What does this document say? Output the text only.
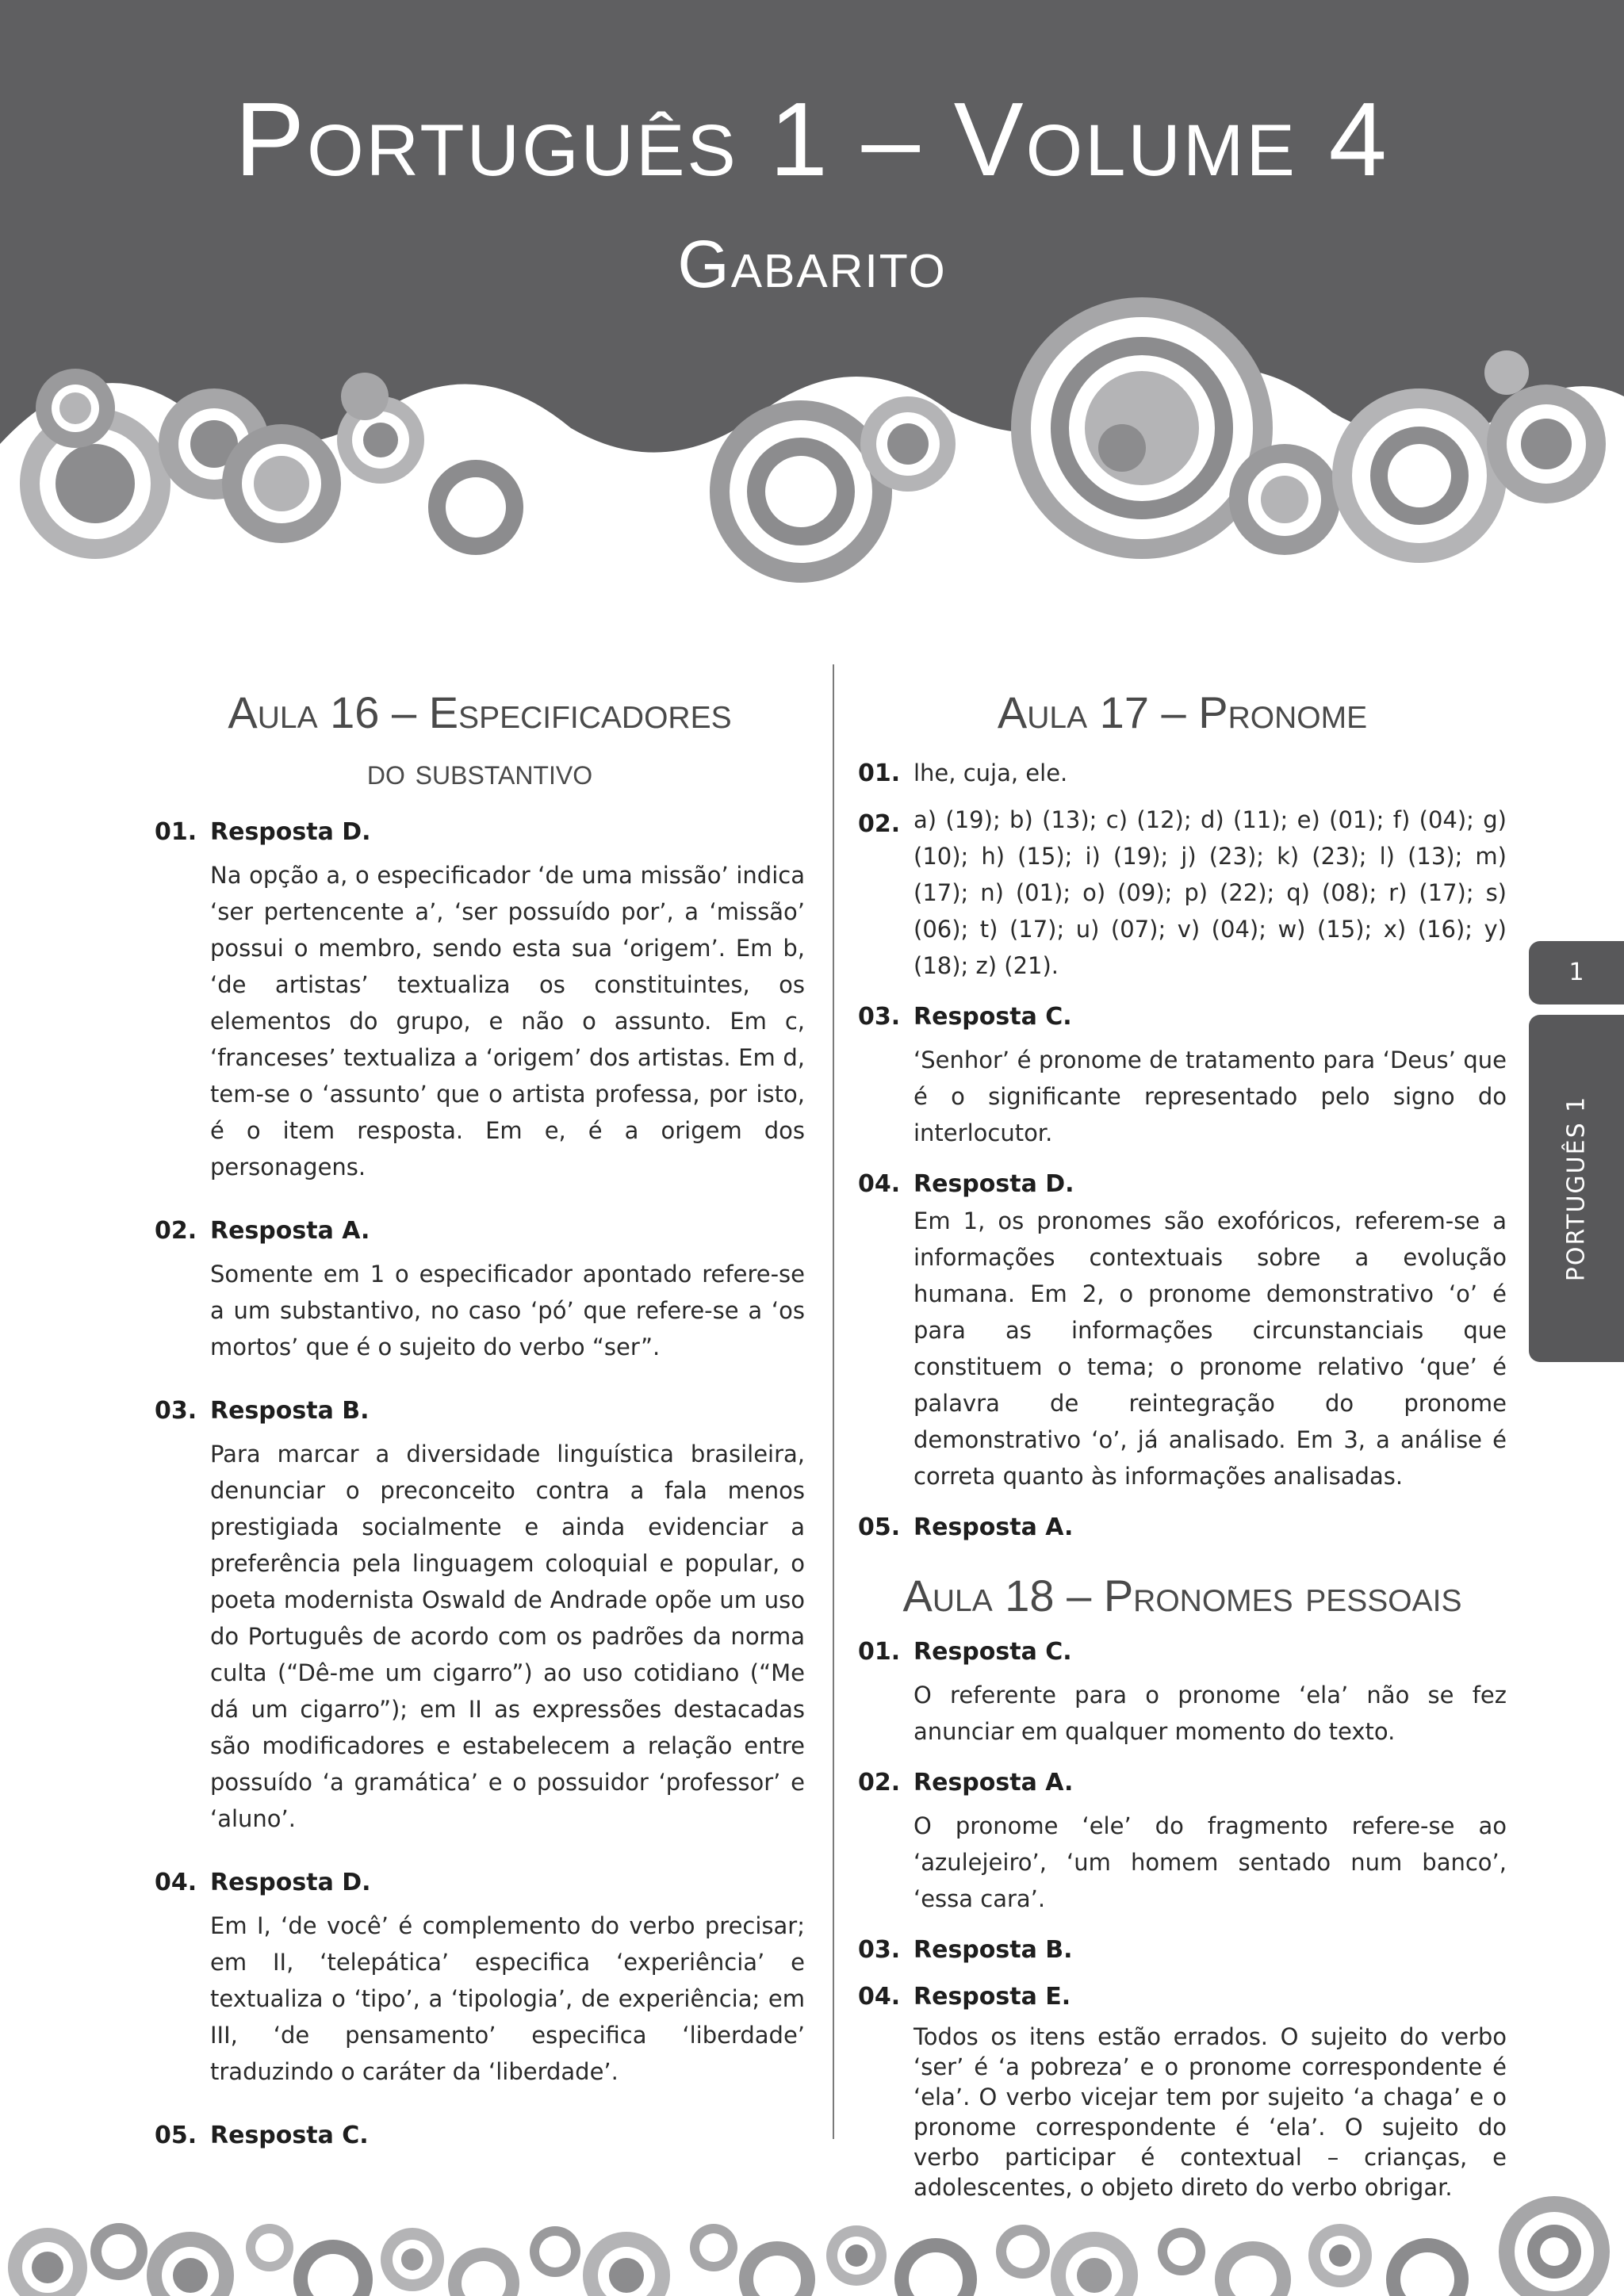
Português 1 – Volume 4
Gabarito
1
PORTUGUÊS 1
Aula 16 – Especificadores
do substantivo
01. Resposta D.

Na opção a, o especificador ‘de uma missão’ indica ‘ser pertencente a’, ‘ser possuído por’, a ‘missão’ possui o membro, sendo esta sua ‘origem’. Em b, ‘de artistas’ textualiza os constituintes, os elementos do grupo, e não o assunto. Em c, ‘franceses’ textualiza a ‘origem’ dos artistas. Em d, tem-se o ‘assunto’ que o artista professa, por isto, é o item resposta. Em e, é a origem dos personagens.

02. Resposta A.

Somente em 1 o especificador apontado refere-se a um substantivo, no caso ‘pó’ que refere-se a ‘os mortos’ que é o sujeito do verbo “ser”.

03. Resposta B.

Para marcar a diversidade linguística brasileira, denunciar o preconceito contra a fala menos prestigiada socialmente e ainda evidenciar a preferência pela linguagem coloquial e popular, o poeta modernista Oswald de Andrade opõe um uso do Português de acordo com os padrões da norma culta (“Dê-me um cigarro”) ao uso cotidiano (“Me dá um cigarro”); em II as expressões destacadas são modificadores e estabelecem a relação entre possuído ‘a gramática’ e o possuidor ‘professor’ e ‘aluno’.

04. Resposta D.

Em I, ‘de você’ é complemento do verbo precisar; em II, ‘telepática’ especifica ‘experiência’ e textualiza o ‘tipo’, a ‘tipologia’, de experiência; em III, ‘de pensamento’ especifica ‘liberdade’ traduzindo o caráter da ‘liberdade’.

05. Resposta C.
Aula 17 – Pronome
01. lhe, cuja, ele.
02. a) (19); b) (13); c) (12); d) (11); e) (01); f) (04); g) (10); h) (15); i) (19); j) (23); k) (23); l) (13); m) (17); n) (01); o) (09); p) (22); q) (08); r) (17); s) (06); t) (17); u) (07); v) (04); w) (15); x) (16); y) (18); z) (21).
03. Resposta C.

‘Senhor’ é pronome de tratamento para ‘Deus’ que é o significante representado pelo signo do interlocutor.

04. Resposta D.

Em 1, os pronomes são exofóricos, referem-se a informações contextuais sobre a evolução humana. Em 2, o pronome demonstrativo ‘o’ é para as informações circunstanciais que constituem o tema; o pronome relativo ‘que’ é palavra de reintegração do pronome demonstrativo ‘o’, já analisado. Em 3, a análise é correta quanto às informações analisadas.

05. Resposta A.
Aula 18 – Pronomes pessoais
01. Resposta C.

O referente para o pronome ‘ela’ não se fez anunciar em qualquer momento do texto.

02. Resposta A.

O pronome ‘ele’ do fragmento refere-se ao ‘azulejeiro’, ‘um homem sentado num banco’, ‘essa cara’.

03. Resposta B.
04. Resposta E.

Todos os itens estão errados. O sujeito do verbo ‘ser’ é ‘a pobreza’ e o pronome correspondente é ‘ela’. O verbo vicejar tem por sujeito ‘a chaga’ e o pronome correspondente é ‘ela’. O sujeito do verbo participar é contextual – crianças, e adolescentes, o objeto direto do verbo obrigar.
